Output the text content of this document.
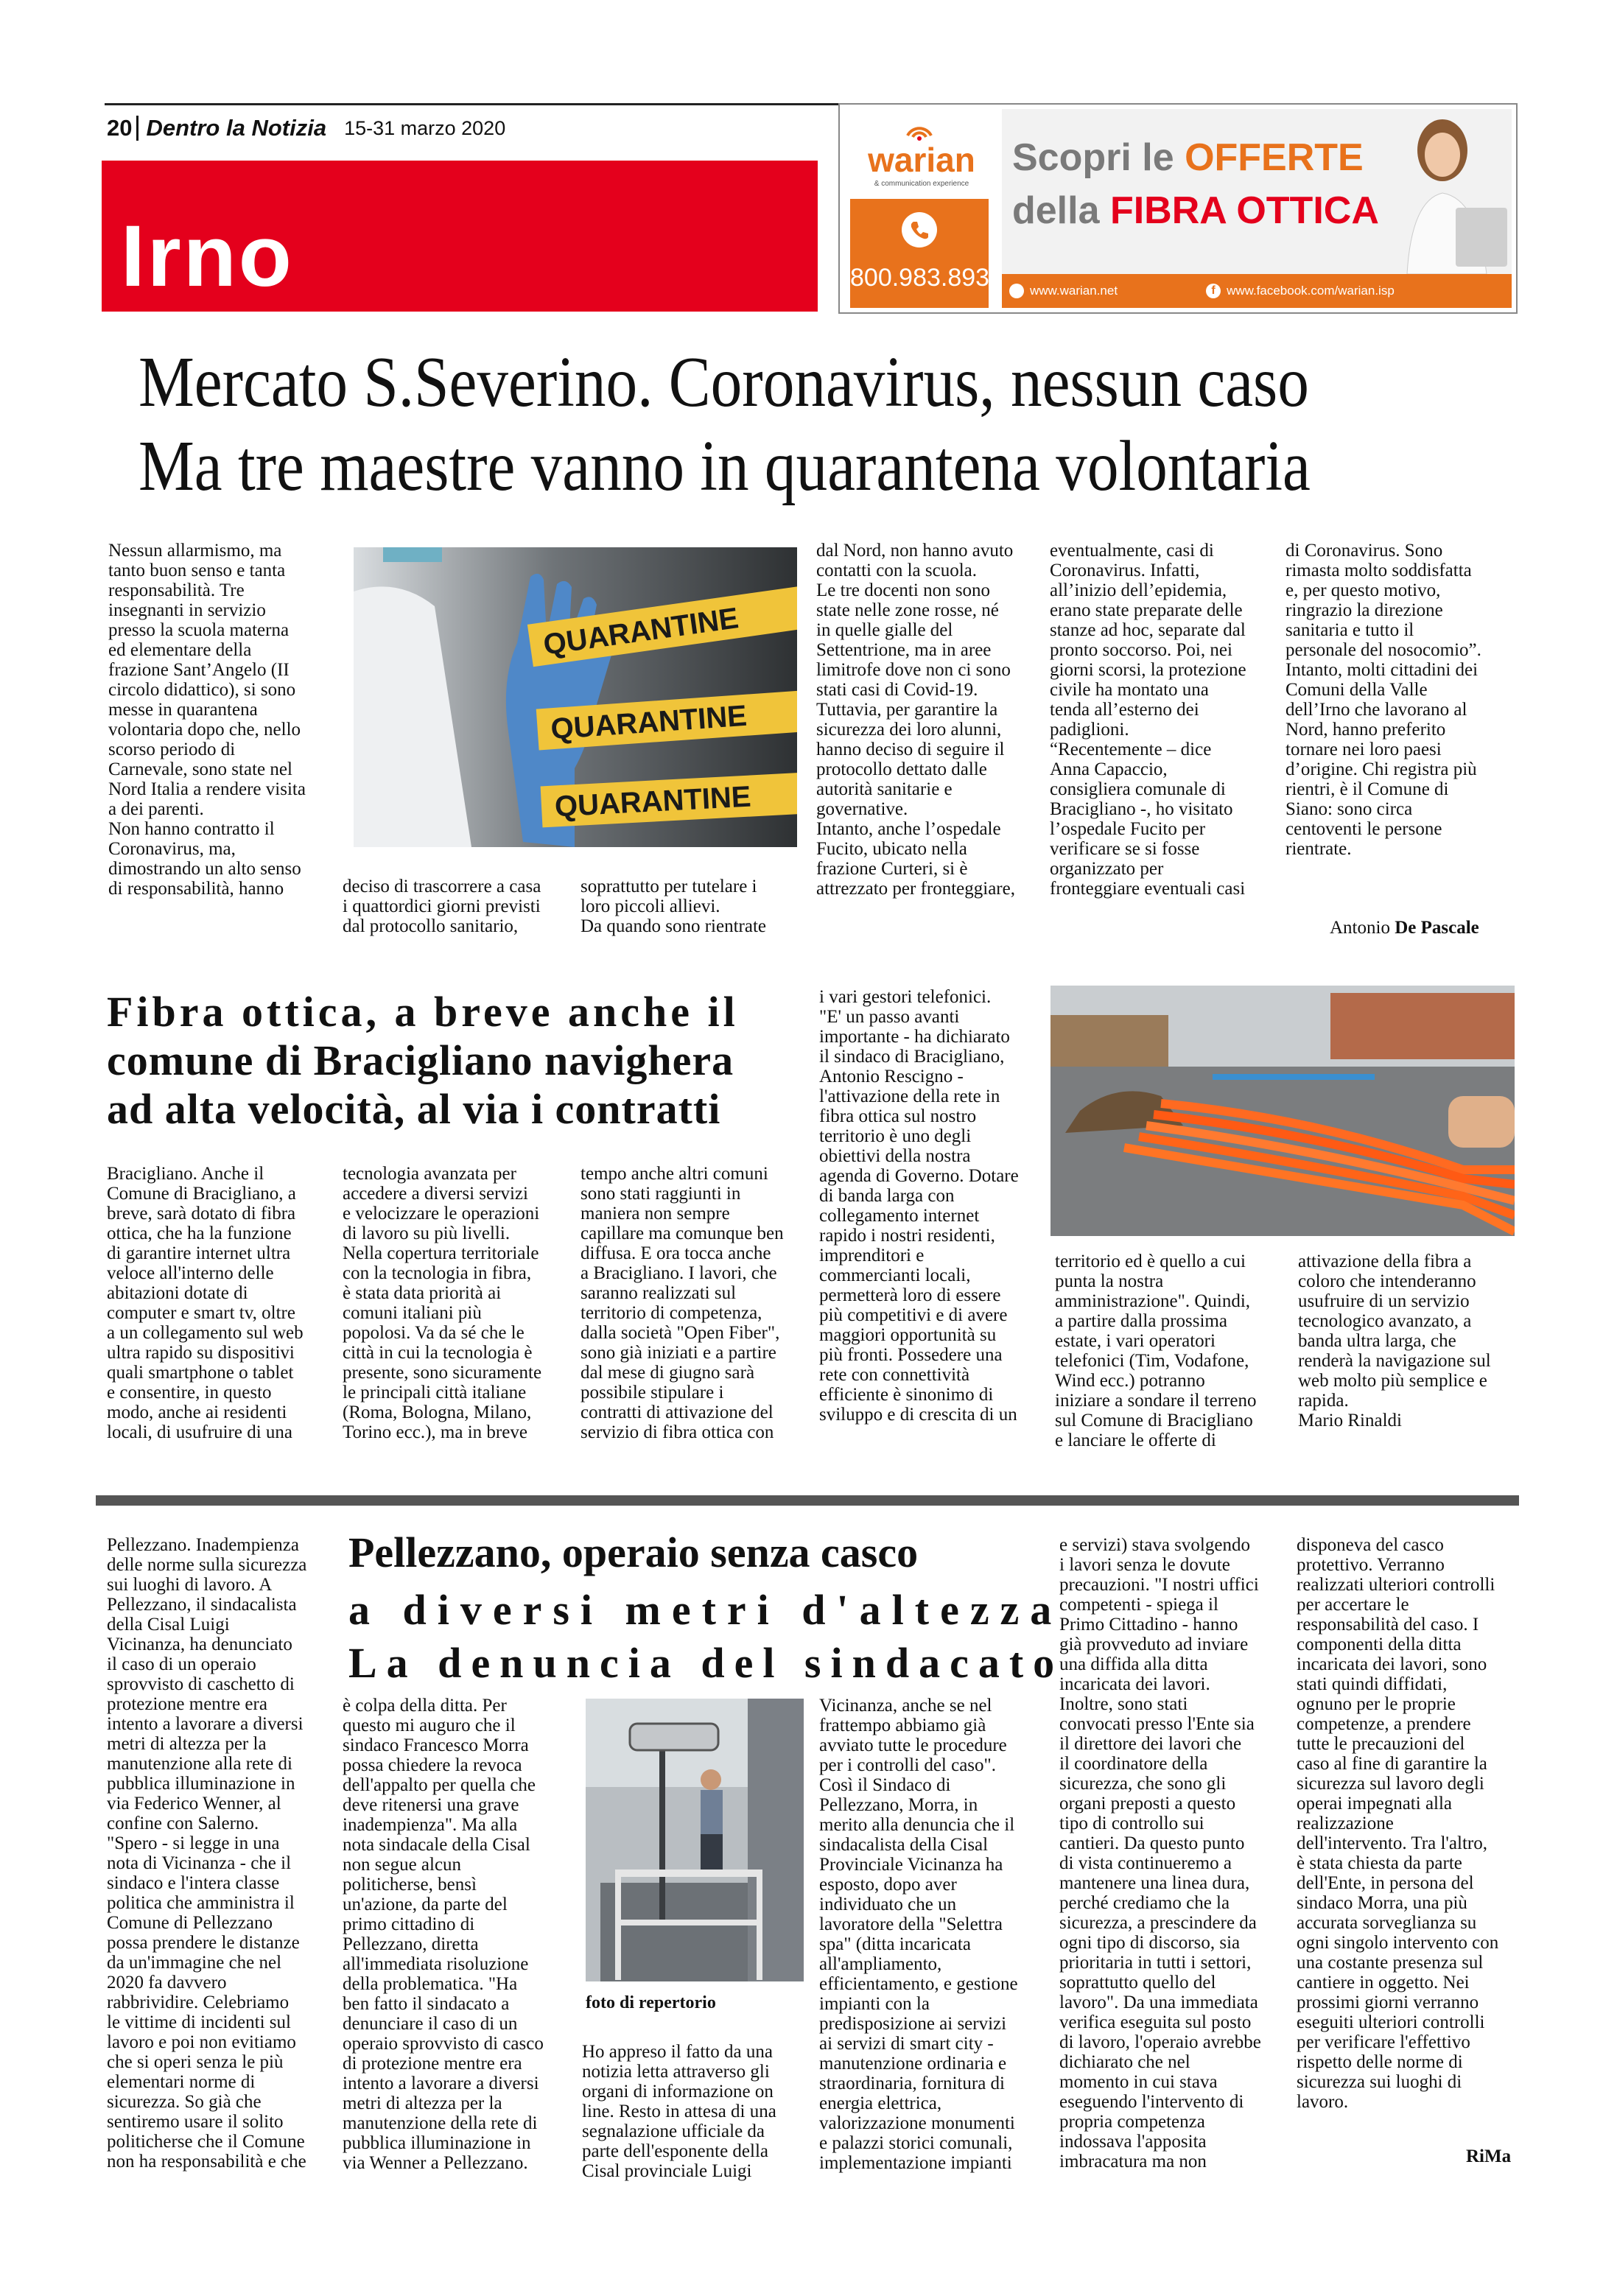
20 Dentro la Notizia 15-31 marzo 2020
Irno
warian
& communication experience
800.983.893
Scopri le OFFERTE
della FIBRA OTTICA
www.warian.net	f www.facebook.com/warian.isp
Mercato S.Severino. Coronavirus, nessun caso
Ma tre maestre vanno in quarantena volontaria

Nessun allarmismo, ma
tanto buon senso e tanta
responsabilità. Tre
insegnanti in servizio
presso la scuola materna
ed elementare della
frazione Sant’Angelo (II
circolo didattico), si sono
messe in quarantena
volontaria dopo che, nello
scorso periodo di
Carnevale, sono state nel
Nord Italia a rendere visita
a dei parenti.
Non hanno contratto il
Coronavirus, ma,
dimostrando un alto senso
di responsabilità, hanno

QUARANTINE
QUARANTINE
QUARANTINE

deciso di trascorrere a casa
i quattordici giorni previsti
dal protocollo sanitario,

soprattutto per tutelare i
loro piccoli allievi.
Da quando sono rientrate

dal Nord, non hanno avuto
contatti con la scuola.
Le tre docenti non sono
state nelle zone rosse, né
in quelle gialle del
Settentrione, ma in aree
limitrofe dove non ci sono
stati casi di Covid-19.
Tuttavia, per garantire la
sicurezza dei loro alunni,
hanno deciso di seguire il
protocollo dettato dalle
autorità sanitarie e
governative.
Intanto, anche l’ospedale
Fucito, ubicato nella
frazione Curteri, si è
attrezzato per fronteggiare,

eventualmente, casi di
Coronavirus. Infatti,
all’inizio dell’epidemia,
erano state preparate delle
stanze ad hoc, separate dal
pronto soccorso. Poi, nei
giorni scorsi, la protezione
civile ha montato una
tenda all’esterno dei
padiglioni.
“Recentemente – dice
Anna Capaccio,
consigliera comunale di
Bracigliano -, ho visitato
l’ospedale Fucito per
verificare se si fosse
organizzato per
fronteggiare eventuali casi

di Coronavirus. Sono
rimasta molto soddisfatta
e, per questo motivo,
ringrazio la direzione
sanitaria e tutto il
personale del nosocomio”.
Intanto, molti cittadini dei
Comuni della Valle
dell’Irno che lavorano al
Nord, hanno preferito
tornare nei loro paesi
d’origine. Chi registra più
rientri, è il Comune di
Siano: sono circa
centoventi le persone
rientrate.

Antonio De Pascale
Fibra ottica, a breve anche il
comune di Bracigliano navighera
ad alta velocità, al via i contratti

Bracigliano. Anche il
Comune di Bracigliano, a
breve, sarà dotato di fibra
ottica, che ha la funzione
di garantire internet ultra
veloce all'interno delle
abitazioni dotate di
computer e smart tv, oltre
a un collegamento sul web
ultra rapido su dispositivi
quali smartphone o tablet
e consentire, in questo
modo, anche ai residenti
locali, di usufruire di una

tecnologia avanzata per
accedere a diversi servizi
e velocizzare le operazioni
di lavoro su più livelli.
Nella copertura territoriale
con la tecnologia in fibra,
è stata data priorità ai
comuni italiani più
popolosi. Va da sé che le
città in cui la tecnologia è
presente, sono sicuramente
le principali città italiane
(Roma, Bologna, Milano,
Torino ecc.), ma in breve

tempo anche altri comuni
sono stati raggiunti in
maniera non sempre
capillare ma comunque ben
diffusa. E ora tocca anche
a Bracigliano. I lavori, che
saranno realizzati sul
territorio di competenza,
dalla società "Open Fiber",
sono già iniziati e a partire
dal mese di giugno sarà
possibile stipulare i
contratti di attivazione del
servizio di fibra ottica con

i vari gestori telefonici.
"E' un passo avanti
importante - ha dichiarato
il sindaco di Bracigliano,
Antonio Rescigno -
l'attivazione della rete in
fibra ottica sul nostro
territorio è uno degli
obiettivi della nostra
agenda di Governo. Dotare
di banda larga con
collegamento internet
rapido i nostri residenti,
imprenditori e
commercianti locali,
permetterà loro di essere
più competitivi e di avere
maggiori opportunità su
più fronti. Possedere una
rete con connettività
efficiente è sinonimo di
sviluppo e di crescita di un

territorio ed è quello a cui
punta la nostra
amministrazione". Quindi,
a partire dalla prossima
estate, i vari operatori
telefonici (Tim, Vodafone,
Wind ecc.) potranno
iniziare a sondare il terreno
sul Comune di Bracigliano
e lanciare le offerte di

attivazione della fibra a
coloro che intenderanno
usufruire di un servizio
tecnologico avanzato, a
banda ultra larga, che
renderà la navigazione sul
web molto più semplice e
rapida.
Mario Rinaldi

Pellezzano. Inadempienza
delle norme sulla sicurezza
sui luoghi di lavoro. A
Pellezzano, il sindacalista
della Cisal Luigi
Vicinanza, ha denunciato
il caso di un operaio
sprovvisto di caschetto di
protezione mentre era
intento a lavorare a diversi
metri di altezza per la
manutenzione alla rete di
pubblica illuminazione in
via Federico Wenner, al
confine con Salerno.
"Spero - si legge in una
nota di Vicinanza - che il
sindaco e l'intera classe
politica che amministra il
Comune di Pellezzano
possa prendere le distanze
da un'immagine che nel
2020 fa davvero
rabbrividire. Celebriamo
le vittime di incidenti sul
lavoro e poi non evitiamo
che si operi senza le più
elementari norme di
sicurezza. So già che
sentiremo usare il solito
politicherse che il Comune
non ha responsabilità e che

Pellezzano, operaio senza casco
a diversi metri d'altezza
La denuncia del sindacato

è colpa della ditta. Per
questo mi auguro che il
sindaco Francesco Morra
possa chiedere la revoca
dell'appalto per quella che
deve ritenersi una grave
inadempienza". Ma alla
nota sindacale della Cisal
non segue alcun
politicherse, bensì
un'azione, da parte del
primo cittadino di
Pellezzano, diretta
all'immediata risoluzione
della problematica. "Ha
ben fatto il sindacato a
denunciare il caso di un
operaio sprovvisto di casco
di protezione mentre era
intento a lavorare a diversi
metri di altezza per la
manutenzione della rete di
pubblica illuminazione in
via Wenner a Pellezzano.

foto di repertorio

Ho appreso il fatto da una
notizia letta attraverso gli
organi di informazione on
line. Resto in attesa di una
segnalazione ufficiale da
parte dell'esponente della
Cisal provinciale Luigi

Vicinanza, anche se nel
frattempo abbiamo già
avviato tutte le procedure
per i controlli del caso".
Così il Sindaco di
Pellezzano, Morra, in
merito alla denuncia che il
sindacalista della Cisal
Provinciale Vicinanza ha
esposto, dopo aver
individuato che un
lavoratore della "Selettra
spa" (ditta incaricata
all'ampliamento,
efficientamento, e gestione
impianti con la
predisposizione ai servizi
ai servizi di smart city -
manutenzione ordinaria e
straordinaria, fornitura di
energia elettrica,
valorizzazione monumenti
e palazzi storici comunali,
implementazione impianti

e servizi) stava svolgendo
i lavori senza le dovute
precauzioni. "I nostri uffici
competenti - spiega il
Primo Cittadino - hanno
già provveduto ad inviare
una diffida alla ditta
incaricata dei lavori.
Inoltre, sono stati
convocati presso l'Ente sia
il direttore dei lavori che
il coordinatore della
sicurezza, che sono gli
organi preposti a questo
tipo di controllo sui
cantieri. Da questo punto
di vista continueremo a
mantenere una linea dura,
perché crediamo che la
sicurezza, a prescindere da
ogni tipo di discorso, sia
prioritaria in tutti i settori,
soprattutto quello del
lavoro". Da una immediata
verifica eseguita sul posto
di lavoro, l'operaio avrebbe
dichiarato che nel
momento in cui stava
eseguendo l'intervento di
propria competenza
indossava l'apposita
imbracatura ma non

disponeva del casco
protettivo. Verranno
realizzati ulteriori controlli
per accertare le
responsabilità del caso. I
componenti della ditta
incaricata dei lavori, sono
stati quindi diffidati,
ognuno per le proprie
competenze, a prendere
tutte le precauzioni del
caso al fine di garantire la
sicurezza sul lavoro degli
operai impegnati alla
realizzazione
dell'intervento. Tra l'altro,
è stata chiesta da parte
dell'Ente, in persona del
sindaco Morra, una più
accurata sorveglianza su
ogni singolo intervento con
una costante presenza sul
cantiere in oggetto. Nei
prossimi giorni verranno
eseguiti ulteriori controlli
per verificare l'effettivo
rispetto delle norme di
sicurezza sui luoghi di
lavoro.

RiMa
